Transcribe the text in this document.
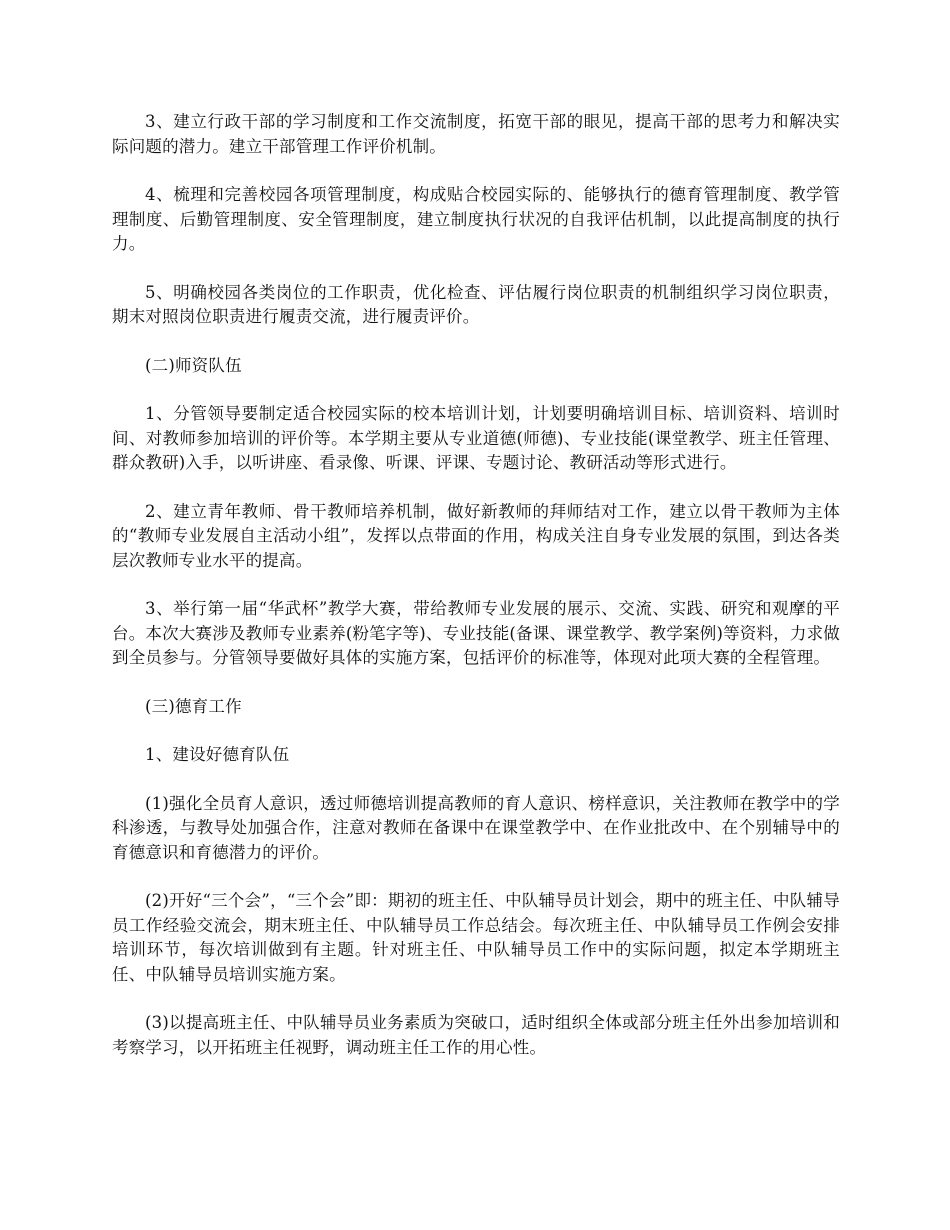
3、建立行政干部的学习制度和工作交流制度，拓宽干部的眼见，提高干部的思考力和解决实际问题的潜力。建立干部管理工作评价机制。

4、梳理和完善校园各项管理制度，构成贴合校园实际的、能够执行的德育管理制度、教学管理制度、后勤管理制度、安全管理制度，建立制度执行状况的自我评估机制，以此提高制度的执行力。

5、明确校园各类岗位的工作职责，优化检查、评估履行岗位职责的机制组织学习岗位职责，期末对照岗位职责进行履责交流，进行履责评价。

(二)师资队伍

1、分管领导要制定适合校园实际的校本培训计划，计划要明确培训目标、培训资料、培训时间、对教师参加培训的评价等。本学期主要从专业道德(师德)、专业技能(课堂教学、班主任管理、群众教研)入手，以听讲座、看录像、听课、评课、专题讨论、教研活动等形式进行。

2、建立青年教师、骨干教师培养机制，做好新教师的拜师结对工作，建立以骨干教师为主体的“教师专业发展自主活动小组”，发挥以点带面的作用，构成关注自身专业发展的氛围，到达各类层次教师专业水平的提高。

3、举行第一届“华武杯”教学大赛，带给教师专业发展的展示、交流、实践、研究和观摩的平台。本次大赛涉及教师专业素养(粉笔字等)、专业技能(备课、课堂教学、教学案例)等资料，力求做到全员参与。分管领导要做好具体的实施方案，包括评价的标准等，体现对此项大赛的全程管理。

(三)德育工作

1、建设好德育队伍

(1)强化全员育人意识，透过师德培训提高教师的育人意识、榜样意识，关注教师在教学中的学科渗透，与教导处加强合作，注意对教师在备课中在课堂教学中、在作业批改中、在个别辅导中的育德意识和育德潜力的评价。

(2)开好“三个会”，“三个会”即：期初的班主任、中队辅导员计划会，期中的班主任、中队辅导员工作经验交流会，期末班主任、中队辅导员工作总结会。每次班主任、中队辅导员工作例会安排培训环节，每次培训做到有主题。针对班主任、中队辅导员工作中的实际问题，拟定本学期班主任、中队辅导员培训实施方案。

(3)以提高班主任、中队辅导员业务素质为突破口，适时组织全体或部分班主任外出参加培训和考察学习，以开拓班主任视野，调动班主任工作的用心性。
